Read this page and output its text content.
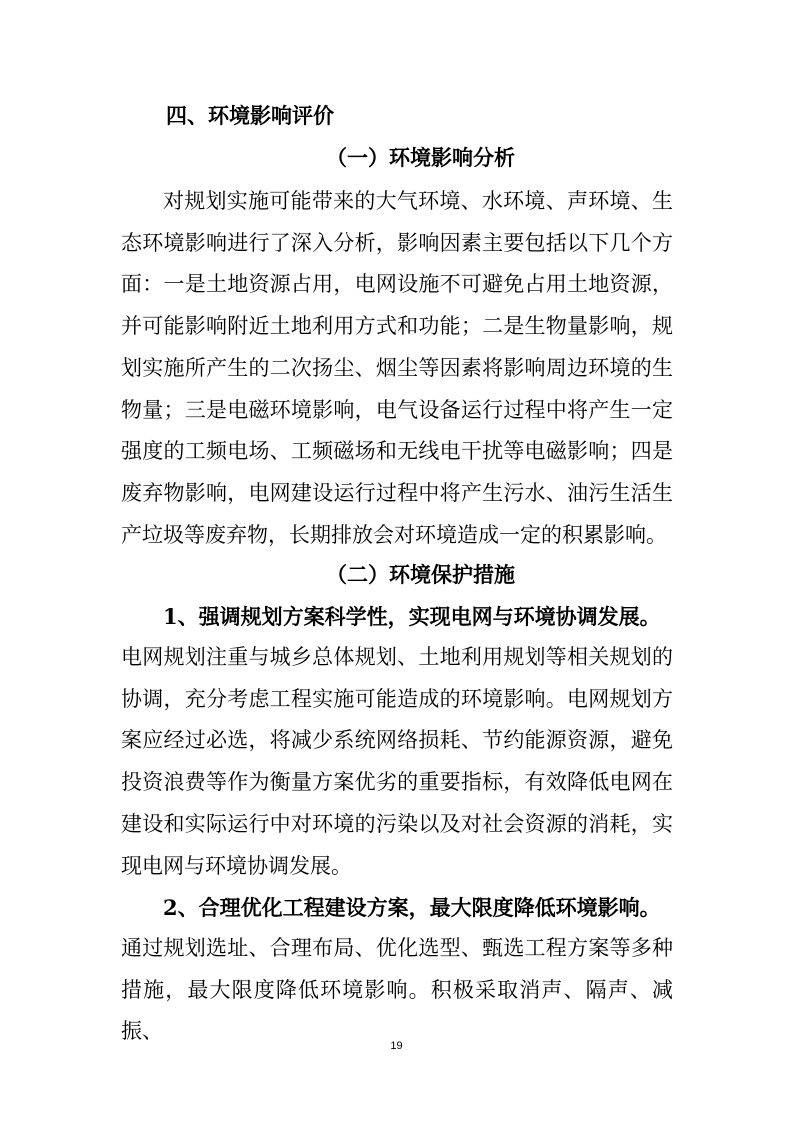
四、环境影响评价
（一）环境影响分析
对规划实施可能带来的大气环境、水环境、声环境、生态环境影响进行了深入分析，影响因素主要包括以下几个方面：一是土地资源占用，电网设施不可避免占用土地资源，并可能影响附近土地利用方式和功能；二是生物量影响，规划实施所产生的二次扬尘、烟尘等因素将影响周边环境的生物量；三是电磁环境影响，电气设备运行过程中将产生一定强度的工频电场、工频磁场和无线电干扰等电磁影响；四是废弃物影响，电网建设运行过程中将产生污水、油污生活生产垃圾等废弃物，长期排放会对环境造成一定的积累影响。
（二）环境保护措施
1、强调规划方案科学性，实现电网与环境协调发展。
电网规划注重与城乡总体规划、土地利用规划等相关规划的协调，充分考虑工程实施可能造成的环境影响。电网规划方案应经过必选，将减少系统网络损耗、节约能源资源，避免投资浪费等作为衡量方案优劣的重要指标，有效降低电网在建设和实际运行中对环境的污染以及对社会资源的消耗，实现电网与环境协调发展。
2、合理优化工程建设方案，最大限度降低环境影响。
通过规划选址、合理布局、优化选型、甄选工程方案等多种措施，最大限度降低环境影响。积极采取消声、隔声、减振、
19
